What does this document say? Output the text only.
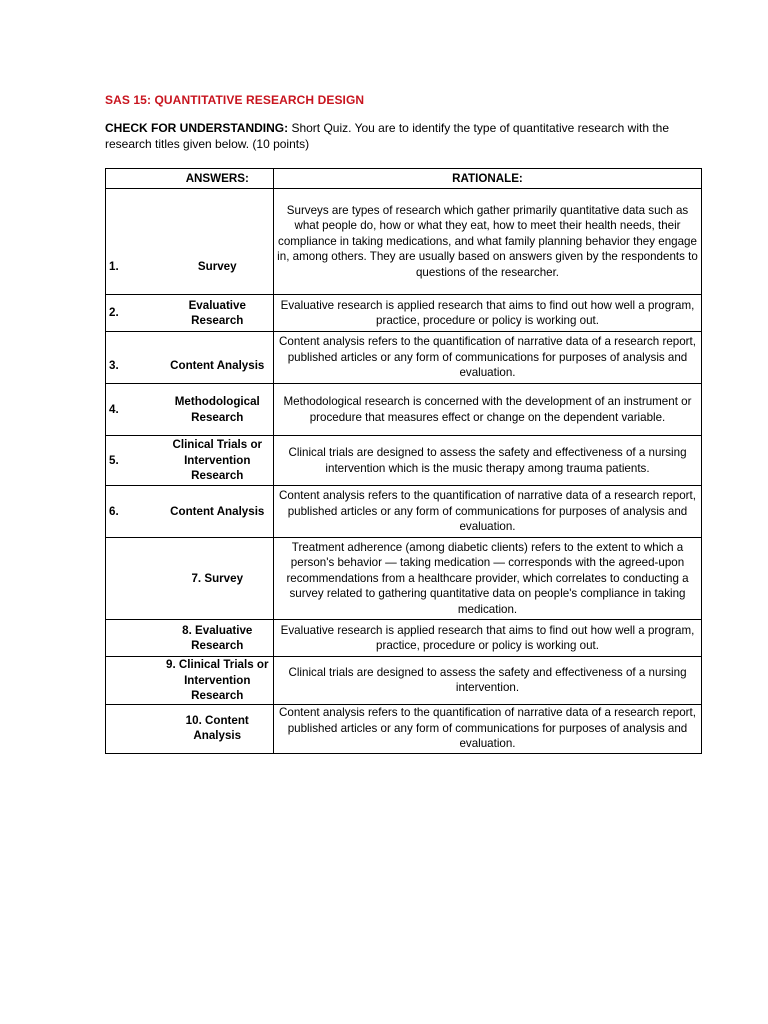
SAS 15: QUANTITATIVE RESEARCH DESIGN
CHECK FOR UNDERSTANDING: Short Quiz. You are to identify the type of quantitative research with the research titles given below. (10 points)
	ANSWERS:	RATIONALE:
1.	Survey	Surveys are types of research which gather primarily quantitative data such as what people do, how or what they eat, how to meet their health needs, their compliance in taking medications, and what family planning behavior they engage in, among others. They are usually based on answers given by the respondents to questions of the researcher.
2.	Evaluative Research	Evaluative research is applied research that aims to find out how well a program, practice, procedure or policy is working out.
3.	Content Analysis	Content analysis refers to the quantification of narrative data of a research report, published articles or any form of communications for purposes of analysis and evaluation.
4.	Methodological Research	Methodological research is concerned with the development of an instrument or procedure that measures effect or change on the dependent variable.
5.	Clinical Trials or Intervention Research	Clinical trials are designed to assess the safety and effectiveness of a nursing intervention which is the music therapy among trauma patients.
6.	Content Analysis	Content analysis refers to the quantification of narrative data of a research report, published articles or any form of communications for purposes of analysis and evaluation.
	7. Survey	Treatment adherence (among diabetic clients) refers to the extent to which a person's behavior — taking medication — corresponds with the agreed-upon recommendations from a healthcare provider, which correlates to conducting a survey related to gathering quantitative data on people's compliance in taking medication.
	8. Evaluative Research	Evaluative research is applied research that aims to find out how well a program, practice, procedure or policy is working out.
	9. Clinical Trials or Intervention Research	Clinical trials are designed to assess the safety and effectiveness of a nursing intervention.
	10. Content Analysis	Content analysis refers to the quantification of narrative data of a research report, published articles or any form of communications for purposes of analysis and evaluation.
